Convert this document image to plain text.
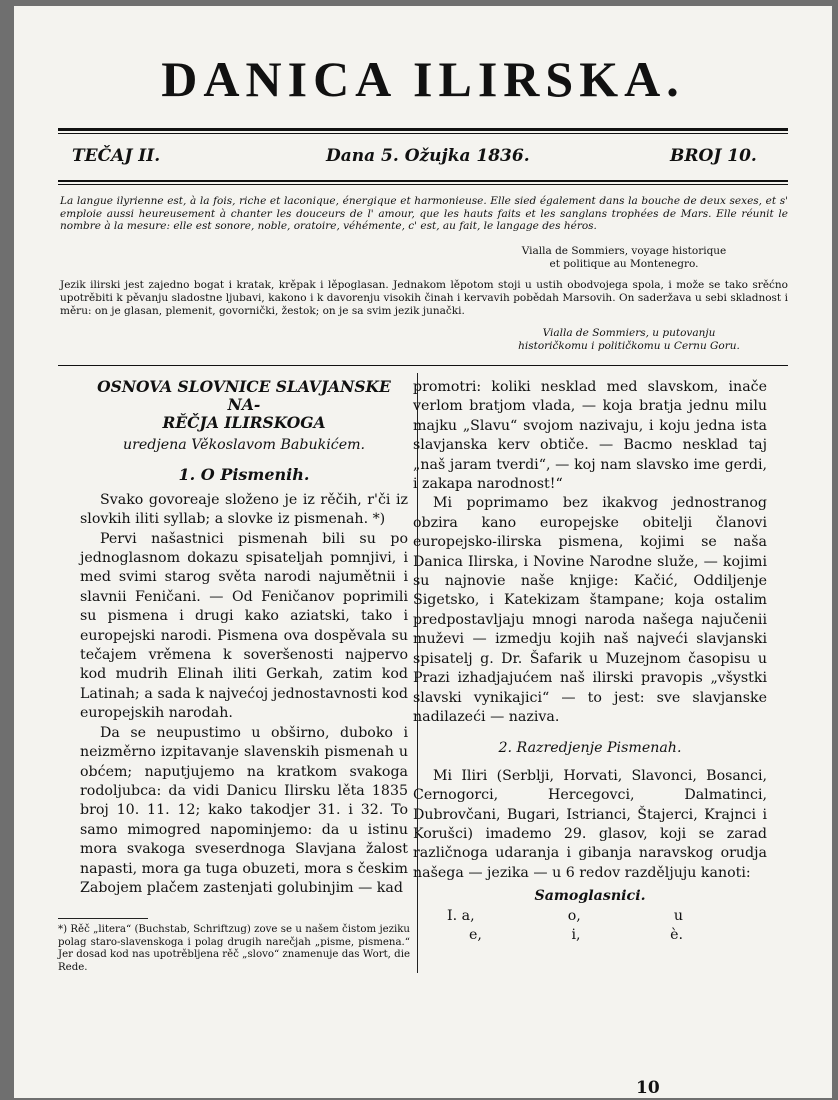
DANICA ILIRSKA.
TEČAJ II.	Dana 5. Ožujka 1836.	BROJ 10.
La langue ilyrienne est, à la fois, riche et laconique, énergique et harmonieuse. Elle sied également dans la bouche de deux sexes, et s' emploie aussi heureusement à chanter les douceurs de l' amour, que les hauts faits et les sanglans trophées de Mars. Elle réunit le nombre à la mesure: elle est sonore, noble, oratoire, véhémente, c' est, au fait, le langage des héros.
Vialla de Sommiers, voyage historique
et politique au Montenegro.
Jezik ilirski jest zajedno bogat i kratak, krěpak i lěpoglasan. Jednakom lěpotom stoji u ustih obodvojega spola, i može se tako srěćno upotrěbiti k pěvanju sladostne ljubavi, kakono i k davorenju visokih činah i kervavih pobědah Marsovih. On saderžava u sebi skladnost i měru: on je glasan, plemenit, govornički, žestok; on je sa svim jezik junački.
Vialla de Sommiers, u putovanju
historičkomu i političkomu u Cernu Goru.
OSNOVA SLOVNICE SLAVJANSKE NA-
RĚČJA ILIRSKOGA
uredjena Věkoslavom Babukićem.
1. O Pismenih.

Svako govoreaje složeno je iz rěčih, r'či iz slovkih iliti syllab; a slovke iz pismenah. *)

Pervi našastnici pismenah bili su po jednoglasnom dokazu spisateljah pomnjivi, i med svimi starog světa narodi najumětnii i slavnii Feničani. — Od Feničanov poprimili su pismena i drugi kako aziatski, tako i europejski narodi. Pismena ova dospěvala su tečajem vrěmena k soveršenosti najpervo kod mudrih Elinah iliti Gerkah, zatim kod Latinah; a sada k najvećoj jednostavnosti kod europejskih narodah.

Da se neupustimo u obširno, duboko i neizměrno izpitavanje slavenskih pismenah u obćem; naputjujemo na kratkom svakoga rodoljubca: da vidi Danicu Ilirsku lěta 1835 broj 10. 11. 12; kako takodjer 31. i 32. To samo mimogred napominjemo: da u istinu mora svakoga sveserdnoga Slavjana žalost napasti, mora ga tuga obuzeti, mora s českim Zabojem plačem zastenjati golubinjim — kad

promotri: koliki nesklad med slavskom, inače verlom bratjom vlada, — koja bratja jednu milu majku „Slavu“ svojom nazivaju, i koju jedna ista slavjanska kerv obtiče. — Bacmo nesklad taj „naš jaram tverdi“, — koj nam slavsko ime gerdi, i zakapa narodnost!“

Mi poprimamo bez ikakvog jednostranog obzira kano europejske obitelji članovi europejsko-ilirska pismena, kojimi se naša Danica Ilirska, i Novine Narodne služe, — kojimi su najnovie naše knjige: Kačić, Oddiljenje Sigetsko, i Katekizam štampane; koja ostalim predpostavljaju mnogi naroda našega najučenii muževi — izmedju kojih naš najveći slavjanski spisatelj g. Dr. Šafarik u Muzejnom časopisu u Prazi izhadjajućem naš ilirski pravopis „všystki slavski vynikajici“ — to jest: sve slavjanske nadilazeći — naziva.

2. Razredjenje Pismenah.

Mi Iliri (Serblji, Horvati, Slavonci, Bosanci, Cernogorci, Hercegovci, Dalmatinci, Dubrovčani, Bugari, Istrianci, Štajerci, Krajnci i Korušci) imademo 29. glasov, koji se zarad različnoga udaranja i gibanja naravskog orudja našega — jezika — u 6 redov razděljuju kanoti:

Samoglasnici.
I. a,	o,	u
e,	i,	è.
*) Rěč „litera“ (Buchstab, Schriftzug) zove se u našem čistom jeziku polag staro-slavenskoga i polag drugih narečjah „pisme, pismena.“ Jer dosad kod nas upotrěbljena rěč „slovo“ znamenuje das Wort, die Rede.
10
